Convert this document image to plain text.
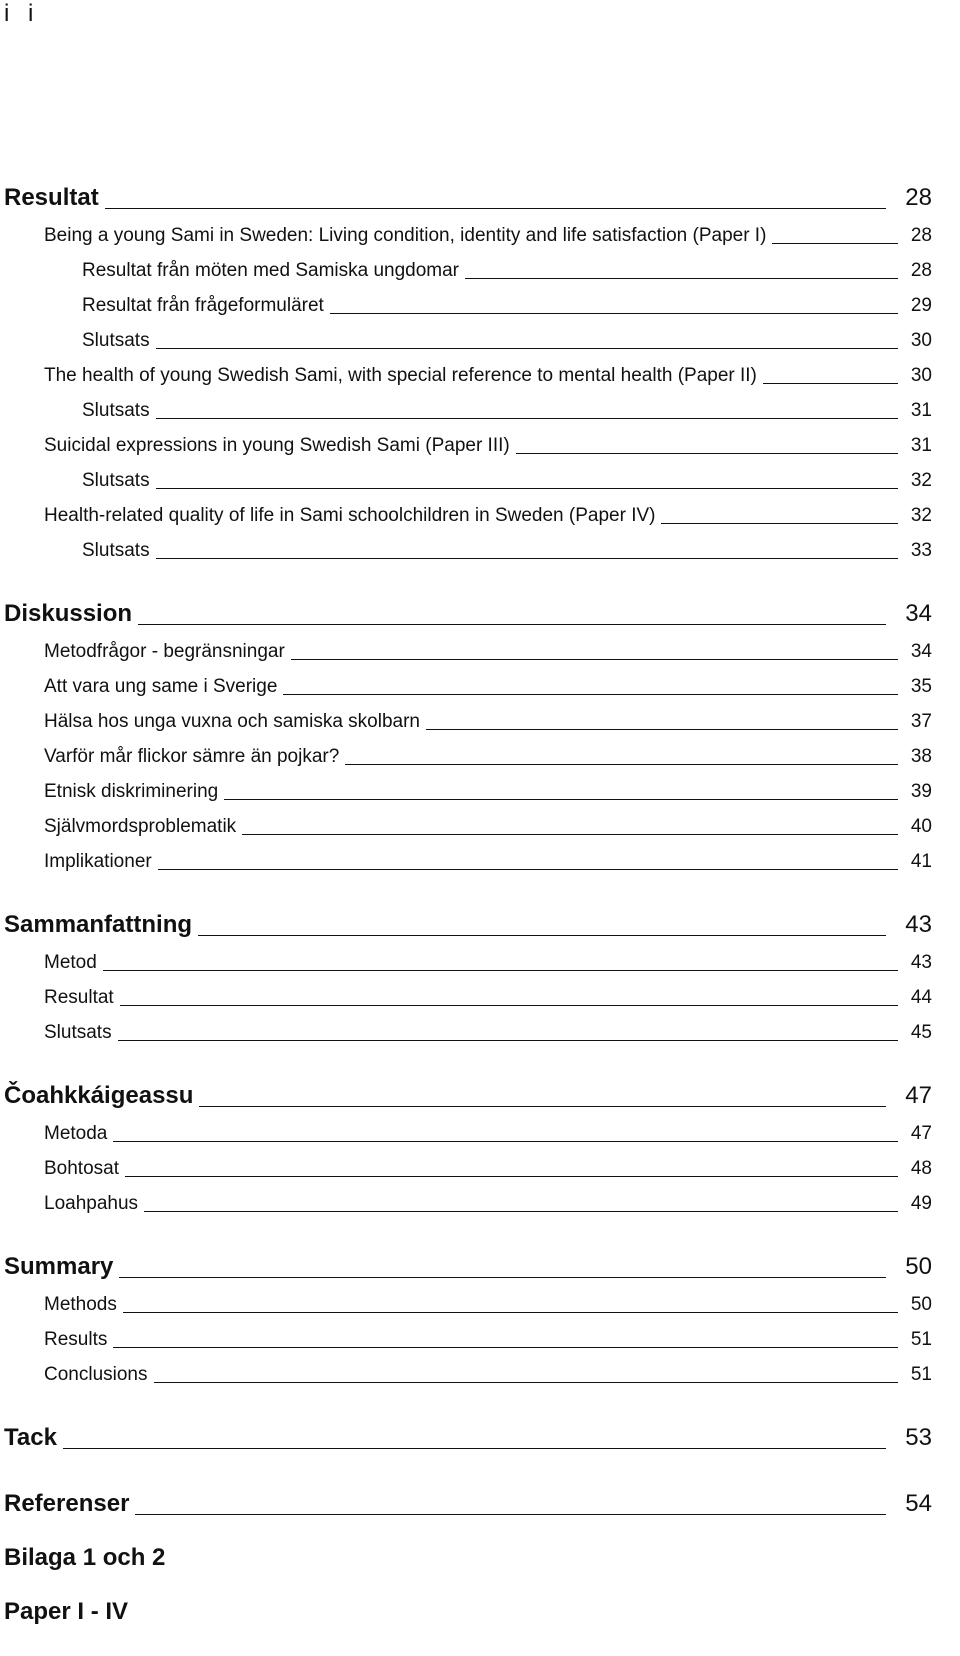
i i
Resultat	28
Being a young Sami in Sweden: Living condition, identity and life satisfaction (Paper I)	28
Resultat från möten med Samiska ungdomar	28
Resultat från frågeformuläret	29
Slutsats	30
The health of young Swedish Sami, with special reference to mental health (Paper II)	30
Slutsats	31
Suicidal expressions in young Swedish Sami (Paper III)	31
Slutsats	32
Health-related quality of life in Sami schoolchildren in Sweden (Paper IV)	32
Slutsats	33
Diskussion	34
Metodfrågor - begränsningar	34
Att vara ung same i Sverige	35
Hälsa hos unga vuxna och samiska skolbarn	37
Varför mår flickor sämre än pojkar?	38
Etnisk diskriminering	39
Självmordsproblematik	40
Implikationer	41
Sammanfattning	43
Metod	43
Resultat	44
Slutsats	45
Čoahkkáigeassu	47
Metoda	47
Bohtosat	48
Loahpahus	49
Summary	50
Methods	50
Results	51
Conclusions	51
Tack	53
Referenser	54
Bilaga 1 och 2
Paper I - IV
